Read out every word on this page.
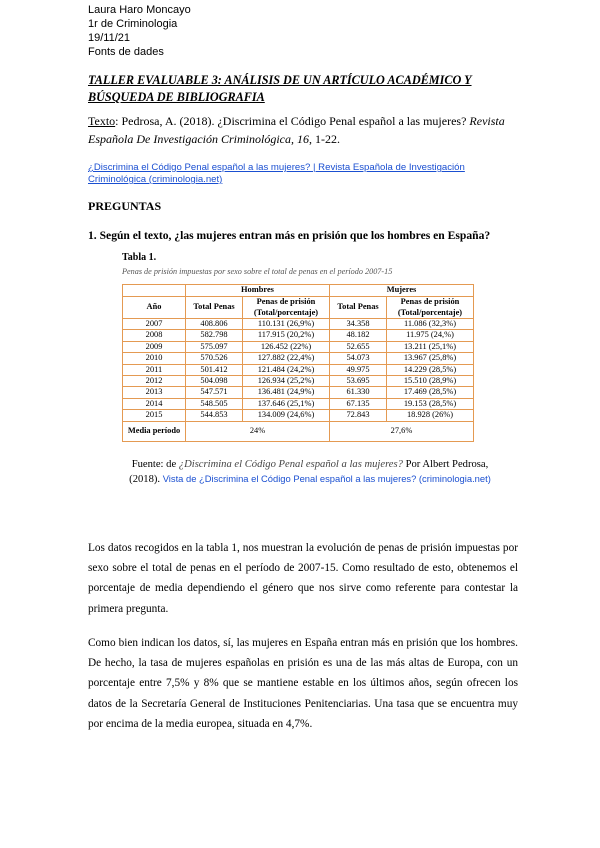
Laura Haro Moncayo
1r de Criminologia
19/11/21
Fonts de dades
TALLER EVALUABLE 3: ANÁLISIS DE UN ARTÍCULO ACADÉMICO Y BÚSQUEDA DE BIBLIOGRAFIA
Texto: Pedrosa, A. (2018). ¿Discrimina el Código Penal español a las mujeres? Revista Española De Investigación Criminológica, 16, 1-22.
¿Discrimina el Código Penal español a las mujeres? | Revista Española de Investigación Criminológica (criminologia.net)
PREGUNTAS
1. Según el texto, ¿las mujeres entran más en prisión que los hombres en España?
Tabla 1.
Penas de prisión impuestas por sexo sobre el total de penas en el período 2007-15
	Hombres		Mujeres	
Año	Total Penas	Penas de prisión (Total/porcentaje)	Total Penas	Penas de prisión (Total/porcentaje)
2007	408.806	110.131 (26,9%)	34.358	11.086 (32,3%)
2008	582.798	117.915 (20,2%)	48.182	11.975 (24,%)
2009	575.097	126.452 (22%)	52.655	13.211 (25,1%)
2010	570.526	127.882 (22,4%)	54.073	13.967 (25,8%)
2011	501.412	121.484 (24,2%)	49.975	14.229 (28,5%)
2012	504.098	126.934 (25,2%)	53.695	15.510 (28,9%)
2013	547.571	136.481 (24,9%)	61.330	17.469 (28,5%)
2014	548.505	137.646 (25,1%)	67.135	19.153 (28,5%)
2015	544.853	134.009 (24,6%)	72.843	18.928 (26%)
Media período	24%		27,6%	
Fuente: de ¿Discrimina el Código Penal español a las mujeres? Por Albert Pedrosa,
(2018). Vista de ¿Discrimina el Código Penal español a las mujeres? (criminologia.net)
Los datos recogidos en la tabla 1, nos muestran la evolución de penas de prisión impuestas por sexo sobre el total de penas en el período de 2007-15. Como resultado de esto, obtenemos el porcentaje de media dependiendo el género que nos sirve como referente para contestar la primera pregunta.
Como bien indican los datos, sí, las mujeres en España entran más en prisión que los hombres. De hecho, la tasa de mujeres españolas en prisión es una de las más altas de Europa, con un porcentaje entre 7,5% y 8% que se mantiene estable en los últimos años, según ofrecen los datos de la Secretaría General de Instituciones Penitenciarias. Una tasa que se encuentra muy por encima de la media europea, situada en 4,7%.
